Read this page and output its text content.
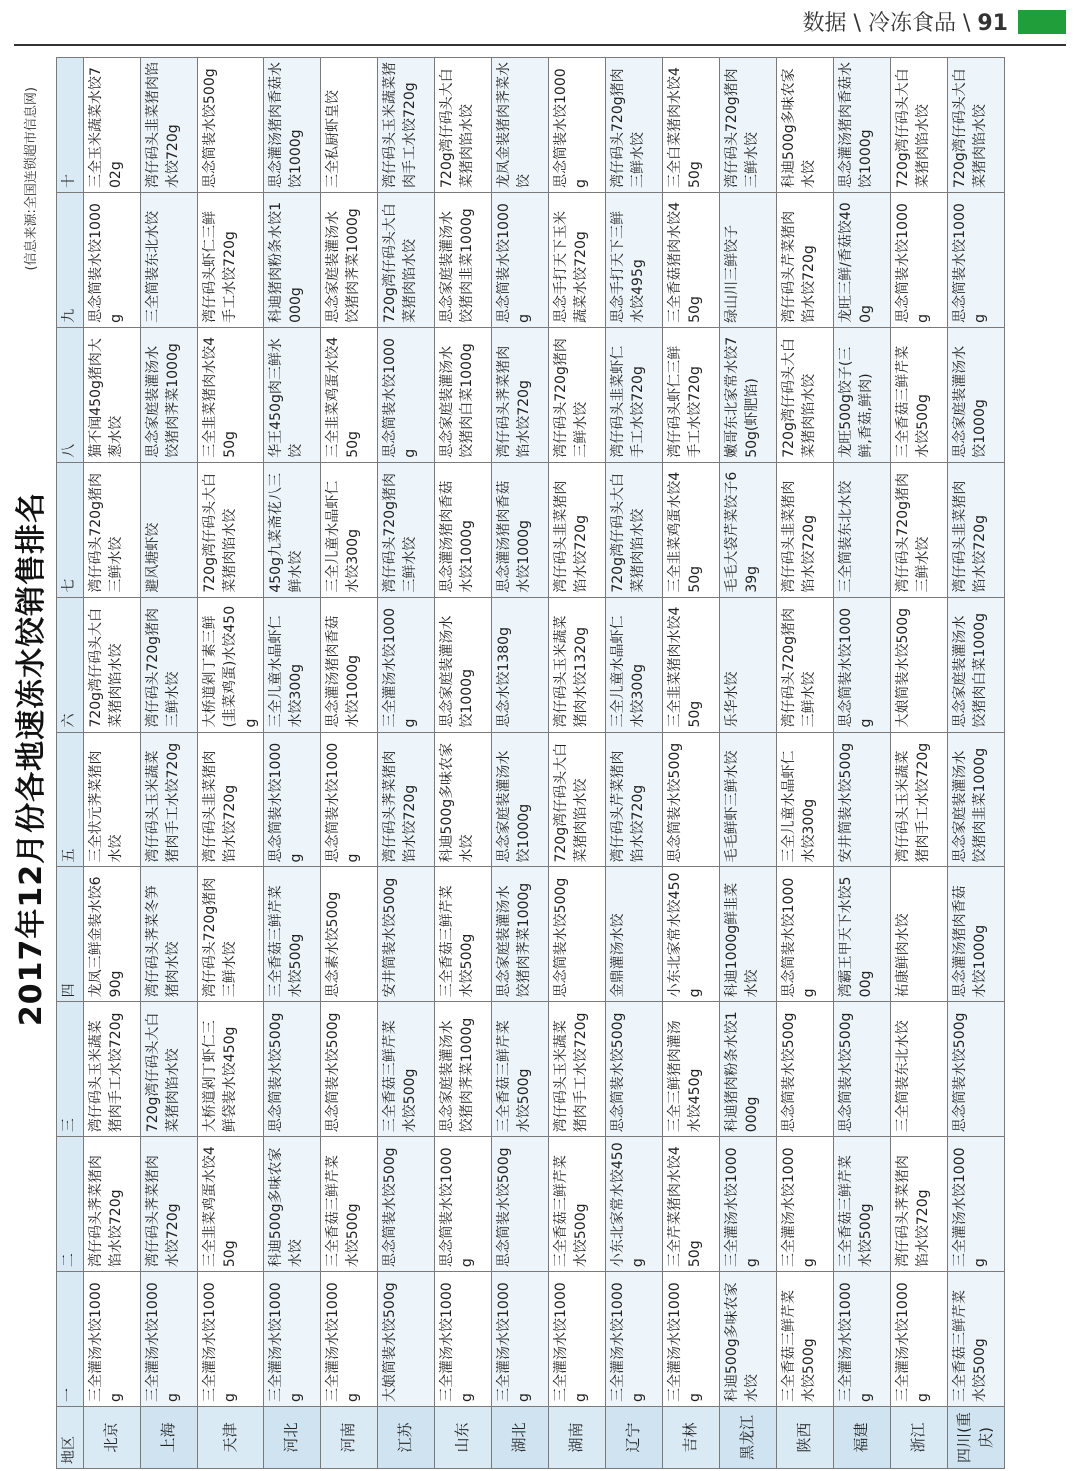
数据 \ 冷冻食品 \ 91
2017年12月份各地速冻水饺销售排名
(信息来源:全国连锁超市信息网)
地区	一	二	三	四	五	六	七	八	九	十
北京	三全灌汤水饺1000g	湾仔码头荠菜猪肉馅水饺720g	湾仔码头玉米蔬菜猪肉手工水饺720g	龙凤三鲜金装水饺690g	三全状元荠菜猪肉水饺	720g湾仔码头大白菜猪肉馅水饺	湾仔码头720g猪肉三鲜水饺	猫不闻450g猪肉大葱水饺	思念简装水饺1000g	三全玉米蔬菜水饺702g
上海	三全灌汤水饺1000g	湾仔码头荠菜猪肉水饺720g	720g湾仔码头大白菜猪肉馅水饺	湾仔码头荠菜冬笋猪肉水饺	湾仔码头玉米蔬菜猪肉手工水饺720g	湾仔码头720g猪肉三鲜水饺	避风塘虾饺	思念家庭装灌汤水饺猪肉荠菜1000g	三全简装东北水饺	湾仔码头韭菜猪肉馅水饺720g
天津	三全灌汤水饺1000g	三全韭菜鸡蛋水饺450g	大桥道剁丁虾仁三鲜袋装水饺450g	湾仔码头720g猪肉三鲜水饺	湾仔码头韭菜猪肉馅水饺720g	大桥道剁丁素三鲜(韭菜鸡蛋)水饺450g	720g湾仔码头大白菜猪肉馅水饺	三全韭菜猪肉水饺450g	湾仔码头虾仁三鲜手工水饺720g	思念简装水饺500g
河北	三全灌汤水饺1000g	科迪500g多味农家水饺	思念简装水饺500g	三全香菇三鲜芹菜水饺500g	思念简装水饺1000g	三全儿童水晶虾仁水饺300g	450g九菜斋花八三鲜水饺	华王450g肉三鲜水饺	科迪猪肉粉条水饺1000g	思念灌汤猪肉香菇水饺1000g
河南	三全灌汤水饺1000g	三全香菇三鲜芹菜水饺500g	思念简装水饺500g	思念素水饺500g	思念简装水饺1000g	思念灌汤猪肉香菇水饺1000g	三全儿童水晶虾仁水饺300g	三全韭菜鸡蛋水饺450g	思念家庭装灌汤水饺猪肉荠菜1000g	三全私厨虾皇饺
江苏	大娘简装水饺500g	思念简装水饺500g	三全香菇三鲜芹菜水饺500g	安井简装水饺500g	湾仔码头荠菜猪肉馅水饺720g	三全灌汤水饺1000g	湾仔码头720g猪肉三鲜水饺	思念简装水饺1000g	720g湾仔码头大白菜猪肉馅水饺	湾仔码头玉米蔬菜猪肉手工水饺720g
山东	三全灌汤水饺1000g	思念简装水饺1000g	思念家庭装灌汤水饺猪肉荠菜1000g	三全香菇三鲜芹菜水饺500g	科迪500g多味农家水饺	思念家庭装灌汤水饺1000g	思念灌汤猪肉香菇水饺1000g	思念家庭装灌汤水饺猪肉白菜1000g	思念家庭装灌汤水饺猪肉韭菜1000g	720g湾仔码头大白菜猪肉馅水饺
湖北	三全灌汤水饺1000g	思念简装水饺500g	三全香菇三鲜芹菜水饺500g	思念家庭装灌汤水饺猪肉荠菜1000g	思念家庭装灌汤水饺1000g	思念水饺1380g	思念灌汤猪肉香菇水饺1000g	湾仔码头荠菜猪肉馅水饺720g	思念简装水饺1000g	龙凤金装猪肉荠菜水饺
湖南	三全灌汤水饺1000g	三全香菇三鲜芹菜水饺500g	湾仔码头玉米蔬菜猪肉手工水饺720g	思念简装水饺500g	720g湾仔码头大白菜猪肉馅水饺	湾仔码头玉米蔬菜猪肉水饺1320g	湾仔码头韭菜猪肉馅水饺720g	湾仔码头720g猪肉三鲜水饺	思念手打天下玉米蔬菜水饺720g	思念简装水饺1000g
辽宁	三全灌汤水饺1000g	小东北家常水饺450g	思念简装水饺500g	金鼎灌汤水饺	湾仔码头芹菜猪肉馅水饺720g	三全儿童水晶虾仁水饺300g	720g湾仔码头大白菜猪肉馅水饺	湾仔码头韭菜虾仁手工水饺720g	思念手打天下三鲜水饺495g	湾仔码头720g猪肉三鲜水饺
吉林	三全灌汤水饺1000g	三全芹菜猪肉水饺450g	三全三鲜猪肉灌汤水饺450g	小东北家常水饺450g	思念简装水饺500g	三全韭菜猪肉水饺450g	三全韭菜鸡蛋水饺450g	湾仔码头虾仁三鲜手工水饺720g	三全香菇猪肉水饺450g	三全白菜猪肉水饺450g
黑龙江	科迪500g多味农家水饺	三全灌汤水饺1000g	科迪猪肉粉条水饺1000g	科迪1000g鲜韭菜水饺	毛毛鲜虾三鲜水饺	乐华水饺	毛毛大袋芹菜饺子639g	嫩哥东北家常水饺750g(虾肥馅)	绿山川三鲜饺子	湾仔码头720g猪肉三鲜水饺
陕西	三全香菇三鲜芹菜水饺500g	三全灌汤水饺1000g	思念简装水饺500g	思念简装水饺1000g	三全儿童水晶虾仁水饺300g	湾仔码头720g猪肉三鲜水饺	湾仔码头韭菜猪肉馅水饺720g	720g湾仔码头大白菜猪肉馅水饺	湾仔码头芹菜猪肉馅水饺720g	科迪500g多味农家水饺
福建	三全灌汤水饺1000g	三全香菇三鲜芹菜水饺500g	思念简装水饺500g	湾霸王甲天下水饺500g	安井简装水饺500g	思念简装水饺1000g	三全简装东北水饺	龙旺500g饺子(三鲜,香菇,鲜肉)	龙旺三鲜/香菇饺400g	思念灌汤猪肉香菇水饺1000g
浙江	三全灌汤水饺1000g	湾仔码头荠菜猪肉馅水饺720g	三全简装东北水饺	祐康鲜肉水饺	湾仔码头玉米蔬菜猪肉手工水饺720g	大娘简装水饺500g	湾仔码头720g猪肉三鲜水饺	三全香菇三鲜芹菜水饺500g	思念简装水饺1000g	720g湾仔码头大白菜猪肉馅水饺
四川(重庆)	三全香菇三鲜芹菜水饺500g	三全灌汤水饺1000g	思念简装水饺500g	思念灌汤猪肉香菇水饺1000g	思念家庭装灌汤水饺猪肉韭菜1000g	思念家庭装灌汤水饺猪肉白菜1000g	湾仔码头韭菜猪肉馅水饺720g	思念家庭装灌汤水饺1000g	思念简装水饺1000g	720g湾仔码头大白菜猪肉馅水饺
